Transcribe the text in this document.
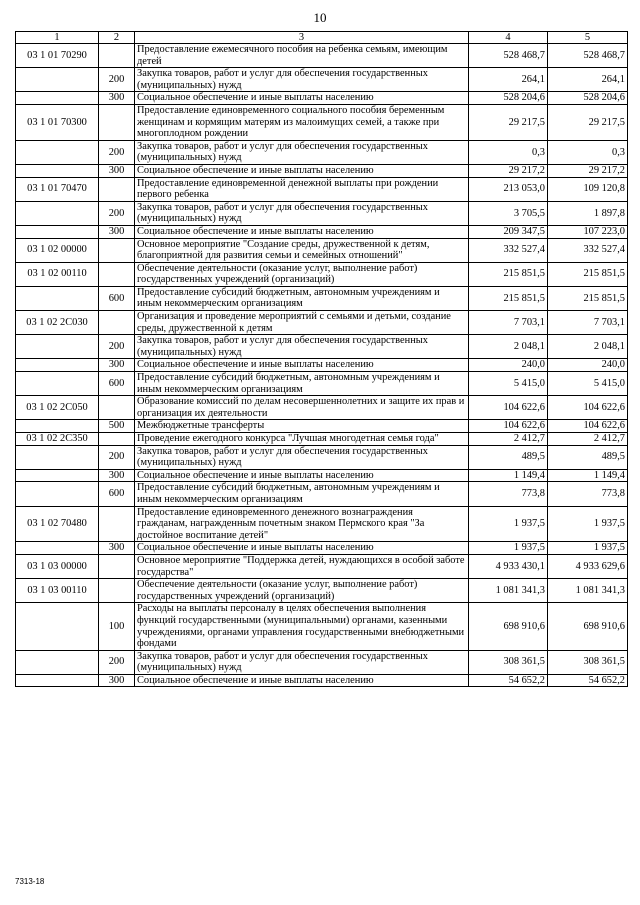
10
1	2	3	4	5
03 1 01 70290		Предоставление ежемесячного пособия на ребенка семьям, имеющим детей	528 468,7	528 468,7
	200	Закупка товаров, работ и услуг для обеспечения государственных (муниципальных) нужд	264,1	264,1
	300	Социальное обеспечение и иные выплаты населению	528 204,6	528 204,6
03 1 01 70300		Предоставление единовременного социального пособия беременным женщинам и кормящим матерям из малоимущих семей, а также при многоплодном рождении	29 217,5	29 217,5
	200	Закупка товаров, работ и услуг для обеспечения государственных (муниципальных) нужд	0,3	0,3
	300	Социальное обеспечение и иные выплаты населению	29 217,2	29 217,2
03 1 01 70470		Предоставление единовременной денежной выплаты при рождении первого ребенка	213 053,0	109 120,8
	200	Закупка товаров, работ и услуг для обеспечения государственных (муниципальных) нужд	3 705,5	1 897,8
	300	Социальное обеспечение и иные выплаты населению	209 347,5	107 223,0
03 1 02 00000		Основное мероприятие "Создание среды, дружественной к детям, благоприятной для развития семьи и семейных отношений"	332 527,4	332 527,4
03 1 02 00110		Обеспечение деятельности (оказание услуг, выполнение работ) государственных учреждений (организаций)	215 851,5	215 851,5
	600	Предоставление субсидий бюджетным, автономным учреждениям и иным некоммерческим организациям	215 851,5	215 851,5
03 1 02 2C030		Организация и проведение мероприятий с семьями и детьми, создание среды, дружественной к детям	7 703,1	7 703,1
	200	Закупка товаров, работ и услуг для обеспечения государственных (муниципальных) нужд	2 048,1	2 048,1
	300	Социальное обеспечение и иные выплаты населению	240,0	240,0
	600	Предоставление субсидий бюджетным, автономным учреждениям и иным некоммерческим организациям	5 415,0	5 415,0
03 1 02 2C050		Образование комиссий по делам несовершеннолетних и защите их прав и организация их деятельности	104 622,6	104 622,6
	500	Межбюджетные трансферты	104 622,6	104 622,6
03 1 02 2C350		Проведение ежегодного конкурса "Лучшая многодетная семья года"	2 412,7	2 412,7
	200	Закупка товаров, работ и услуг для обеспечения государственных (муниципальных) нужд	489,5	489,5
	300	Социальное обеспечение и иные выплаты населению	1 149,4	1 149,4
	600	Предоставление субсидий бюджетным, автономным учреждениям и иным некоммерческим организациям	773,8	773,8
03 1 02 70480		Предоставление единовременного денежного вознаграждения гражданам, награжденным почетным знаком Пермского края "За достойное воспитание детей"	1 937,5	1 937,5
	300	Социальное обеспечение и иные выплаты населению	1 937,5	1 937,5
03 1 03 00000		Основное мероприятие "Поддержка детей, нуждающихся в особой заботе государства"	4 933 430,1	4 933 629,6
03 1 03 00110		Обеспечение деятельности (оказание услуг, выполнение работ) государственных учреждений (организаций)	1 081 341,3	1 081 341,3
	100	Расходы на выплаты персоналу в целях обеспечения выполнения функций государственными (муниципальными) органами, казенными учреждениями, органами управления государственными внебюджетными фондами	698 910,6	698 910,6
	200	Закупка товаров, работ и услуг для обеспечения государственных (муниципальных) нужд	308 361,5	308 361,5
	300	Социальное обеспечение и иные выплаты населению	54 652,2	54 652,2
7313-18
